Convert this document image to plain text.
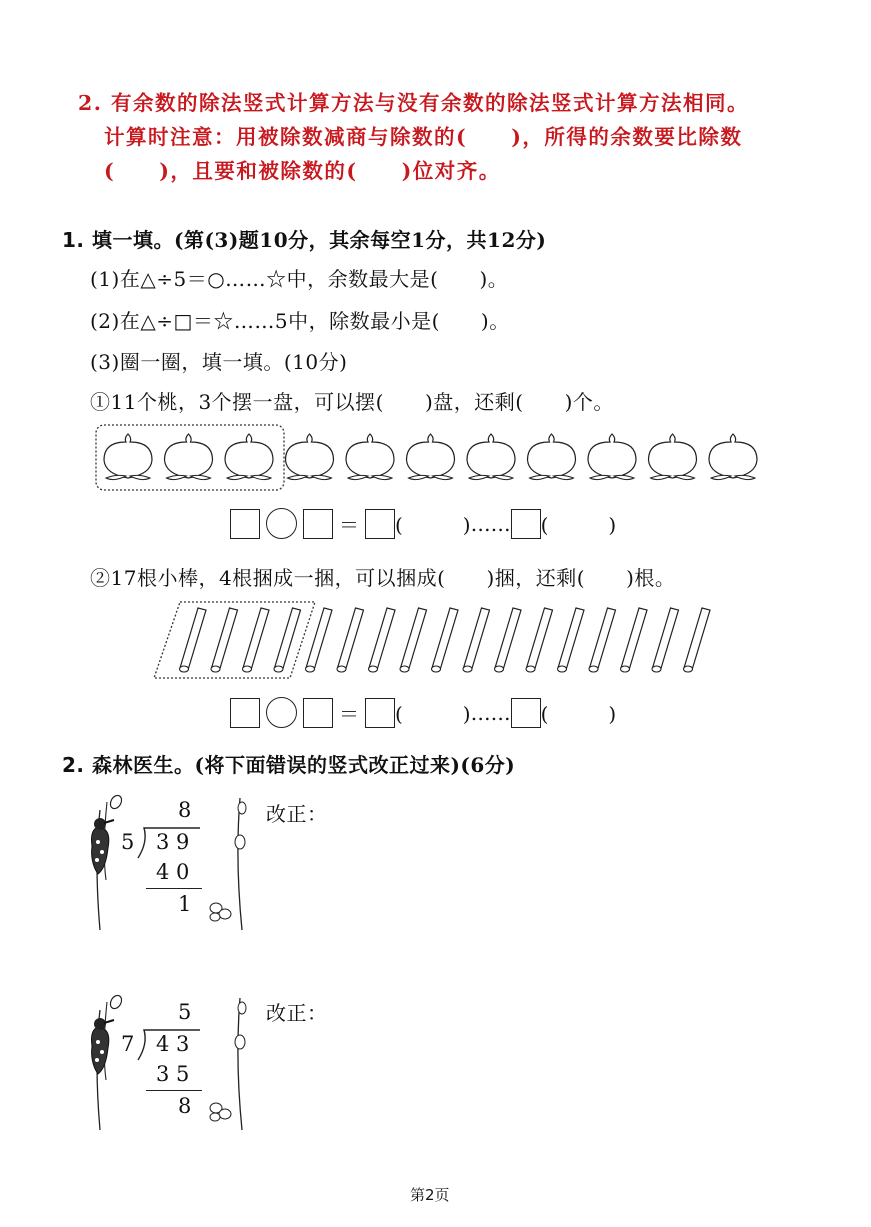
2. 有余数的除法竖式计算方法与没有余数的除法竖式计算方法相同。
计算时注意：用被除数减商与除数的(　　)，所得的余数要比除数
(　　)，且要和被除数的(　　)位对齐。
1. 填一填。(第(3)题10分，其余每空1分，共12分)
(1)在△÷5＝○……☆中，余数最大是(　　)。
(2)在△÷□＝☆……5中，除数最小是(　　)。
(3)圈一圈，填一填。(10分)
①11个桃，3个摆一盘，可以摆(　　)盘，还剩(　　)个。
＝ (　　　) …… (　　　)
②17根小棒，4根捆成一捆，可以捆成(　　)捆，还剩(　　)根。
＝ (　　　) …… (　　　)
2. 森林医生。(将下面错误的竖式改正过来)(6分)
8
5 3 9
4 0
1
改正：
5
7 4 3
3 5
8
改正：
第2页
